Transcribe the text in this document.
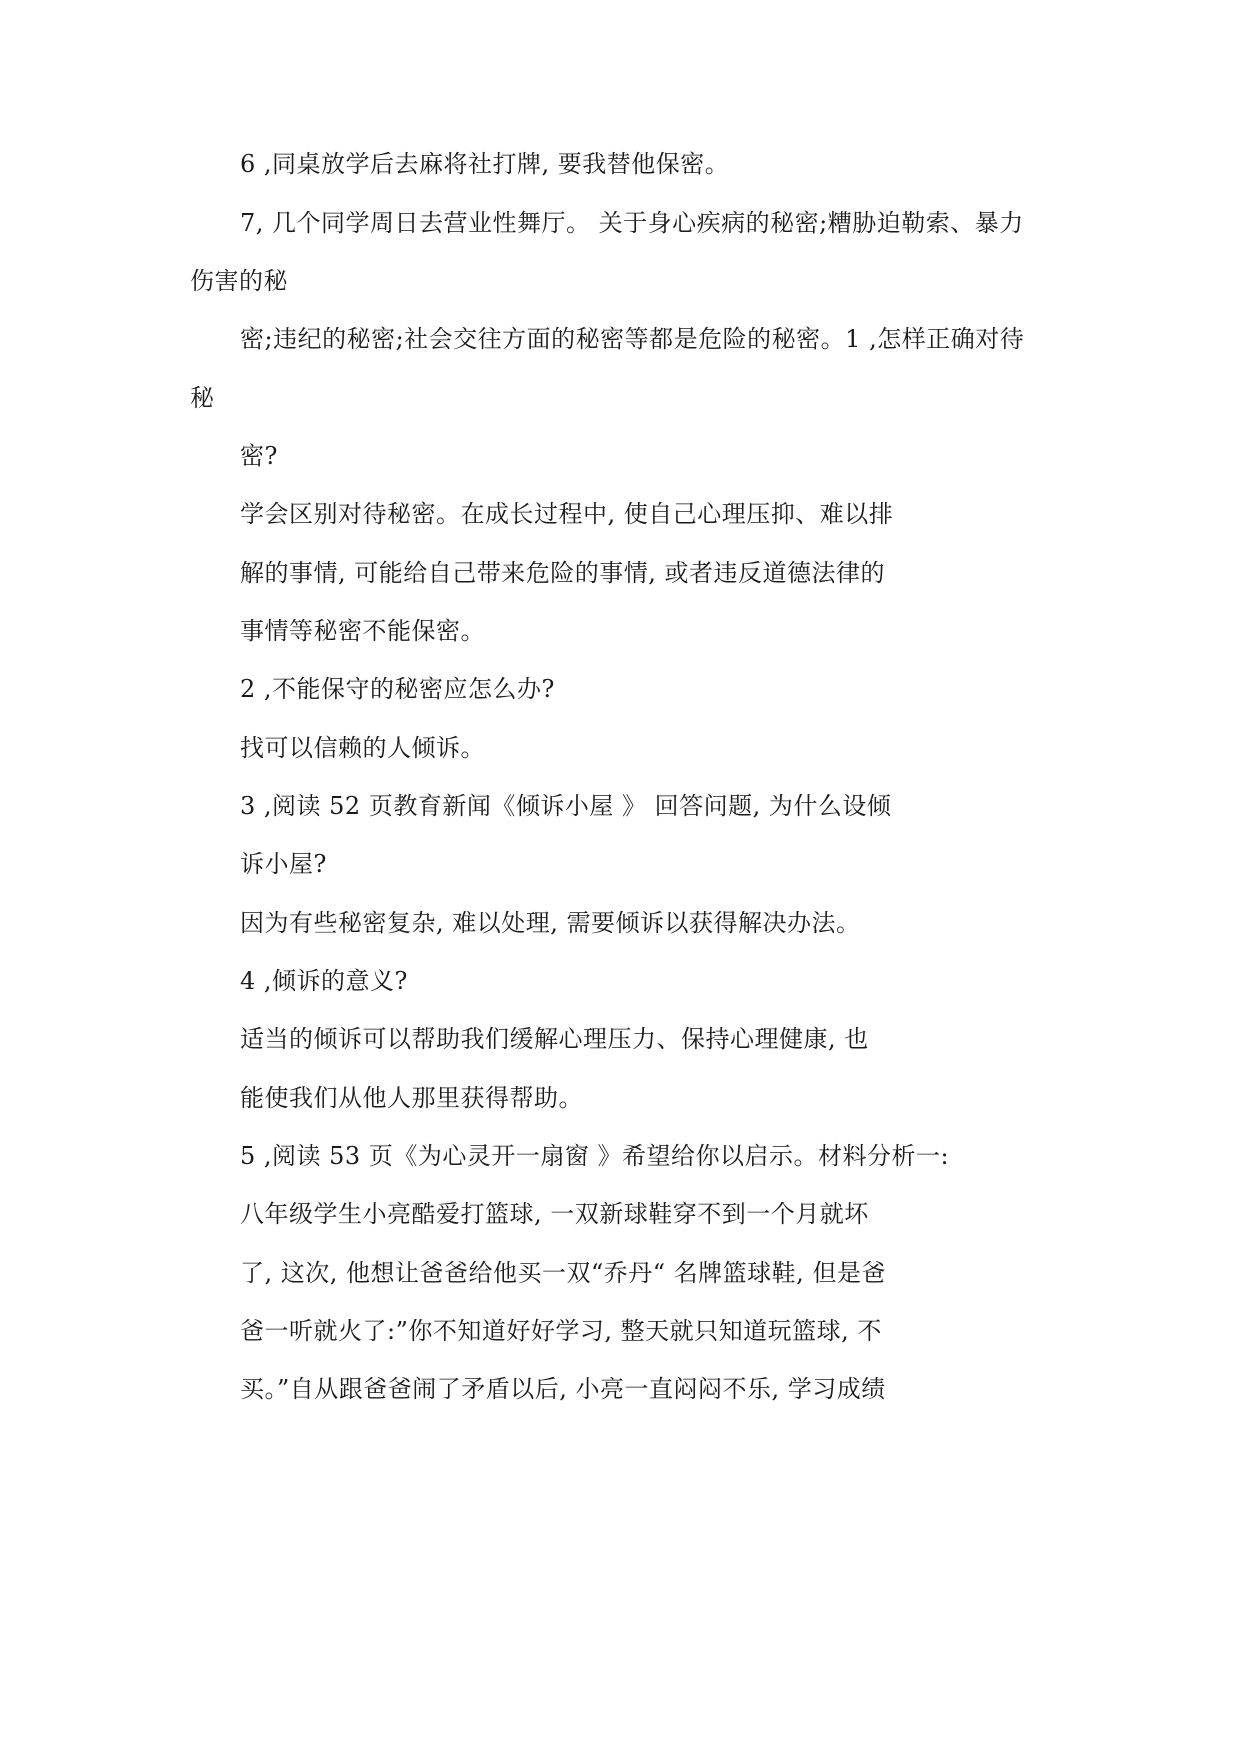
6 ,同桌放学后去麻将社打牌, 要我替他保密。

7, 几个同学周日去营业性舞厅。 关于身心疾病的秘密;糟胁迫勒索、暴力

伤害的秘

密;违纪的秘密;社会交往方面的秘密等都是危险的秘密。1 ,怎样正确对待

秘

密?

学会区别对待秘密。在成长过程中, 使自己心理压抑、难以排

解的事情, 可能给自己带来危险的事情, 或者违反道德法律的

事情等秘密不能保密。

2 ,不能保守的秘密应怎么办?

找可以信赖的人倾诉。

3 ,阅读 52 页教育新闻《倾诉小屋 》 回答问题, 为什么设倾

诉小屋?

因为有些秘密复杂, 难以处理, 需要倾诉以获得解决办法。

4 ,倾诉的意义?

适当的倾诉可以帮助我们缓解心理压力、保持心理健康, 也

能使我们从他人那里获得帮助。

5 ,阅读 53 页《为心灵开一扇窗 》希望给你以启示。材料分析一:

八年级学生小亮酷爱打篮球, 一双新球鞋穿不到一个月就坏

了, 这次, 他想让爸爸给他买一双“乔丹“ 名牌篮球鞋, 但是爸

爸一听就火了:”你不知道好好学习, 整天就只知道玩篮球, 不

买。”自从跟爸爸闹了矛盾以后, 小亮一直闷闷不乐, 学习成绩
